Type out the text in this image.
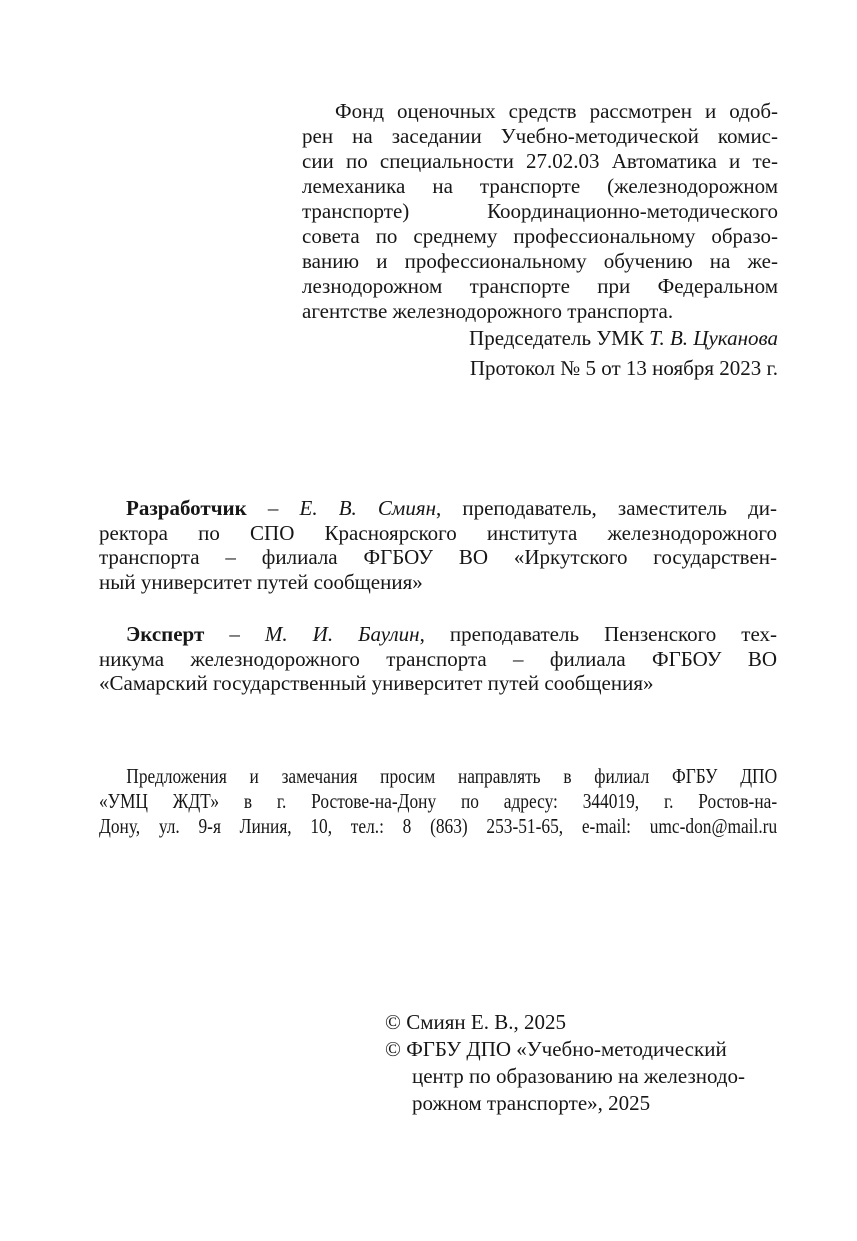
Фонд оценочных средств рассмотрен и одоб-
рен на заседании Учебно-методической комис-
сии по специальности 27.02.03 Автоматика и те-
лемеханика на транспорте (железнодорожном
транспорте) Координационно-методического
совета по среднему профессиональному образо-
ванию и профессиональному обучению на же-
лезнодорожном транспорте при Федеральном
агентстве железнодорожного транспорта.
Председатель УМК Т. В. Цуканова
Протокол № 5 от 13 ноября 2023 г.
Разработчик – Е. В. Смиян, преподаватель, заместитель ди-
ректора по СПО Красноярского института железнодорожного
транспорта – филиала ФГБОУ ВО «Иркутского государствен-
ный университет путей сообщения»
Эксперт – М. И. Баулин, преподаватель Пензенского тех-
никума железнодорожного транспорта – филиала ФГБОУ ВО
«Самарский государственный университет путей сообщения»
Предложения и замечания просим направлять в филиал ФГБУ ДПО
«УМЦ ЖДТ» в г. Ростове-на-Дону по адресу: 344019, г. Ростов-на-
Дону, ул. 9-я Линия, 10, тел.: 8 (863) 253-51-65, e-mail: umc-don@mail.ru
© Смиян Е. В., 2025
© ФГБУ ДПО «Учебно-методический
центр по образованию на железнодо-
рожном транспорте», 2025
